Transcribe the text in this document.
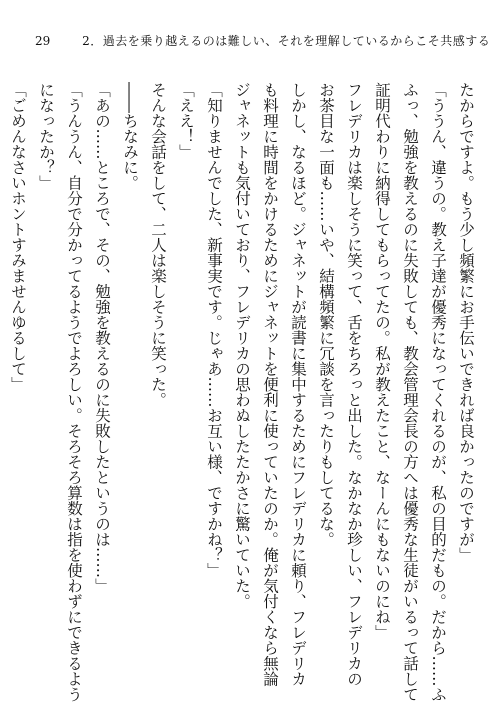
29	2．過去を乗り越えるのは難しい、それを理解しているからこそ共感する
たからですよ。もう少し頻繁にお手伝いできれば良かったのですが」
「ううん、違うの。教え子達が優秀になってくれるのが、私の目的だもの。だから……ふ
ふっ、勉強を教えるのに失敗しても、教会管理会長の方へは優秀な生徒がいるって話して
証明代わりに納得してもらってたの。私が教えたこと、なーんにもないのにね」
フレデリカは楽しそうに笑って、舌をちろっと出した。なかなか珍しい、フレデリカの
お茶目な一面も……いや、結構頻繁に冗談を言ったりもしてるな。
しかし、なるほど。ジャネットが読書に集中するためにフレデリカに頼り、フレデリカ
も料理に時間をかけるためにジャネットを便利に使っていたのか。俺が気付くなら無論
ジャネットも気付いており、フレデリカの思わぬしたたかさに驚いていた。
「知りませんでした、新事実です。じゃあ……お互い様、ですかね？」
「ええ！」
そんな会話をして、二人は楽しそうに笑った。
――ちなみに。
「あの……ところで、その、勉強を教えるのに失敗したというのは……」
「うんうん、自分で分かってるようでよろしい。そろそろ算数は指を使わずにできるよう
になったか？」
「ごめんなさいホントすみませんゆるして」
